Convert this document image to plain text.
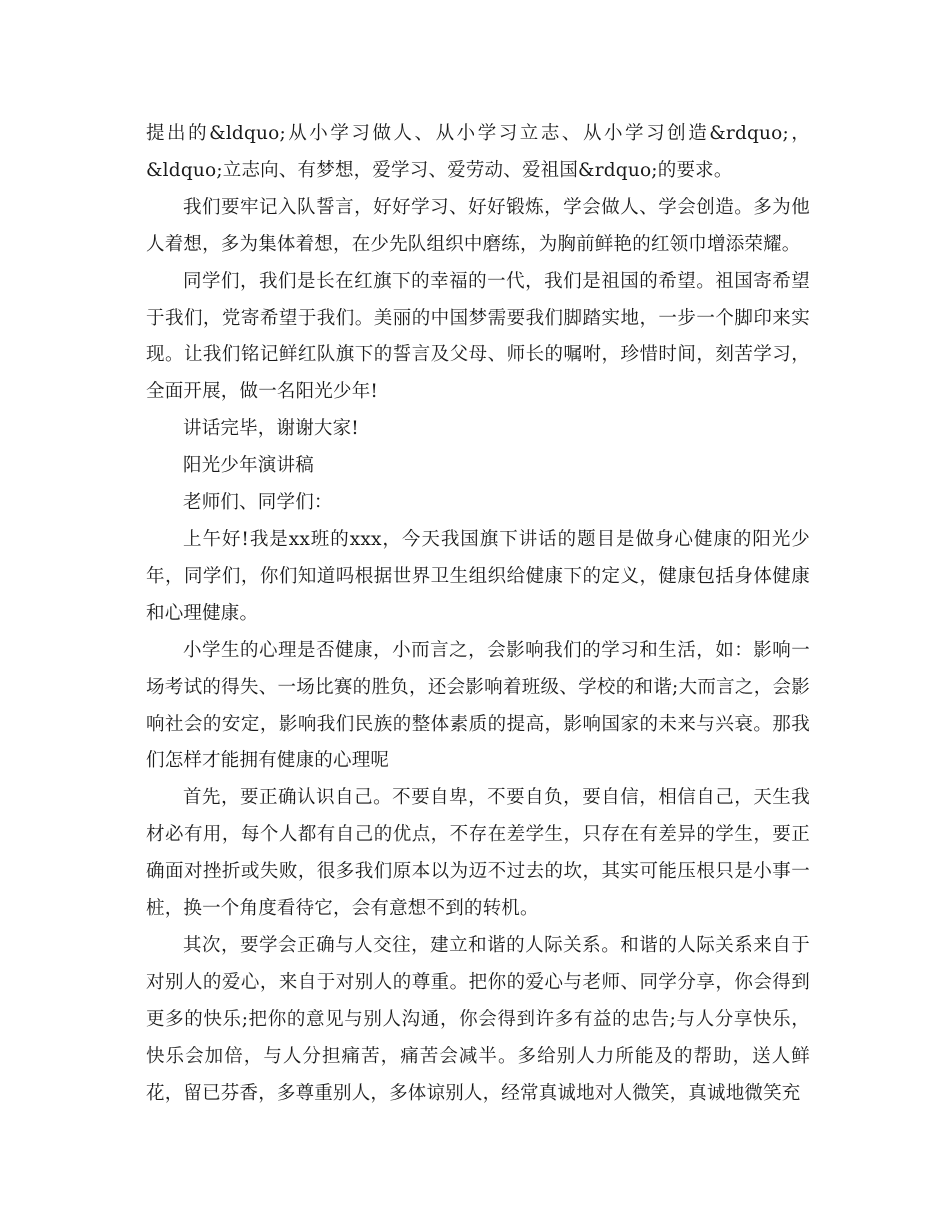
提出的&ldquo;从小学习做人、从小学习立志、从小学习创造&rdquo;，&ldquo;立志向、有梦想，爱学习、爱劳动、爱祖国&rdquo;的要求。

我们要牢记入队誓言，好好学习、好好锻炼，学会做人、学会创造。多为他人着想，多为集体着想，在少先队组织中磨练，为胸前鲜艳的红领巾增添荣耀。

同学们，我们是长在红旗下的幸福的一代，我们是祖国的希望。祖国寄希望于我们，党寄希望于我们。美丽的中国梦需要我们脚踏实地，一步一个脚印来实现。让我们铭记鲜红队旗下的誓言及父母、师长的嘱咐，珍惜时间，刻苦学习，全面开展，做一名阳光少年!

讲话完毕，谢谢大家!

阳光少年演讲稿

老师们、同学们：

上午好!我是xx班的xxx，今天我国旗下讲话的题目是做身心健康的阳光少年，同学们，你们知道吗根据世界卫生组织给健康下的定义，健康包括身体健康和心理健康。

小学生的心理是否健康，小而言之，会影响我们的学习和生活，如：影响一场考试的得失、一场比赛的胜负，还会影响着班级、学校的和谐;大而言之，会影响社会的安定，影响我们民族的整体素质的提高，影响国家的未来与兴衰。那我们怎样才能拥有健康的心理呢

首先，要正确认识自己。不要自卑，不要自负，要自信，相信自己，天生我材必有用，每个人都有自己的优点，不存在差学生，只存在有差异的学生，要正确面对挫折或失败，很多我们原本以为迈不过去的坎，其实可能压根只是小事一桩，换一个角度看待它，会有意想不到的转机。

其次，要学会正确与人交往，建立和谐的人际关系。和谐的人际关系来自于对别人的爱心，来自于对别人的尊重。把你的爱心与老师、同学分享，你会得到更多的快乐;把你的意见与别人沟通，你会得到许多有益的忠告;与人分享快乐，快乐会加倍，与人分担痛苦，痛苦会减半。多给别人力所能及的帮助，送人鲜花，留已芬香，多尊重别人，多体谅别人，经常真诚地对人微笑，真诚地微笑充
